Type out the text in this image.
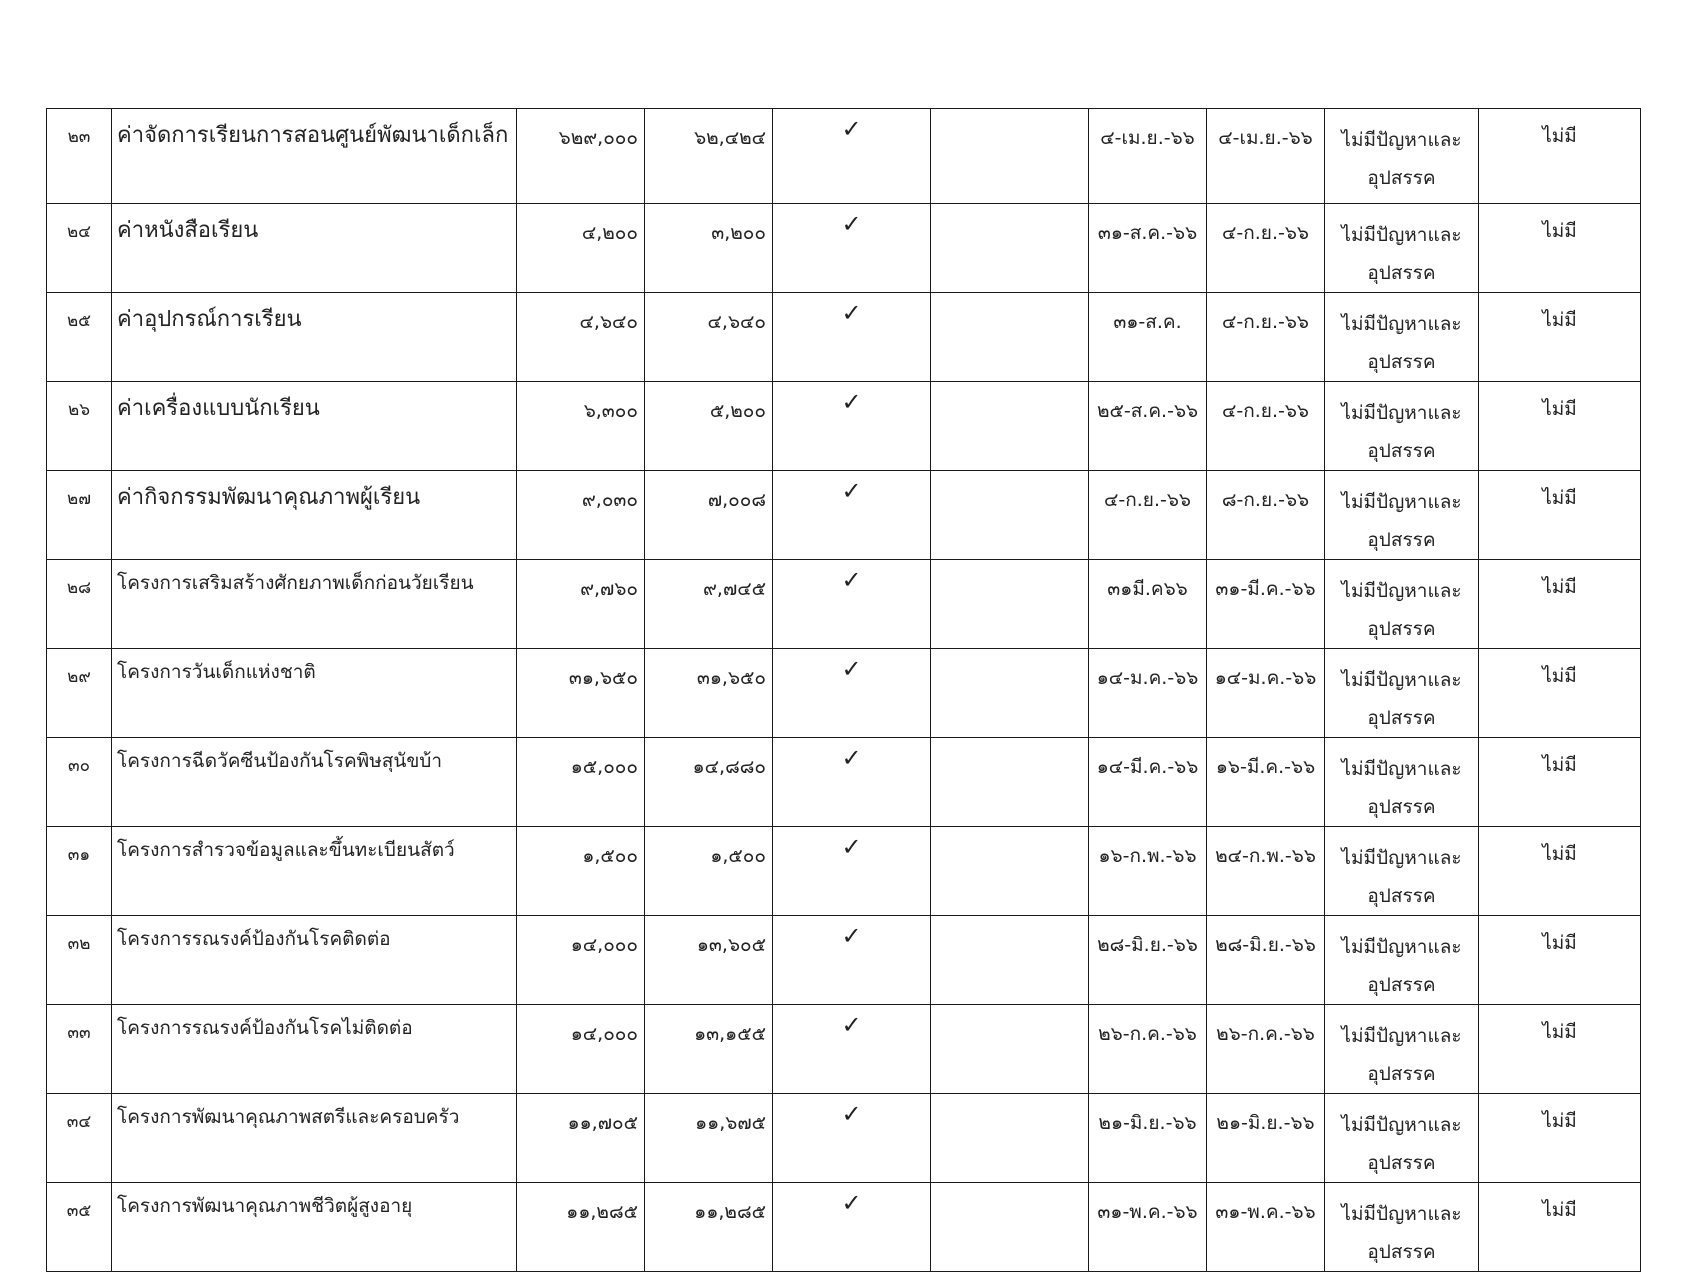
๒๓	ค่าจัดการเรียนการสอนศูนย์พัฒนาเด็กเล็ก	๖๒๙,๐๐๐	๖๒,๔๒๔	✓		๔-เม.ย.-๖๖	๔-เม.ย.-๖๖	ไม่มีปัญหาและ
อุปสรรค	ไม่มี
๒๔	ค่าหนังสือเรียน	๔,๒๐๐	๓,๒๐๐	✓		๓๑-ส.ค.-๖๖	๔-ก.ย.-๖๖	ไม่มีปัญหาและ
อุปสรรค	ไม่มี
๒๕	ค่าอุปกรณ์การเรียน	๔,๖๔๐	๔,๖๔๐	✓		๓๑-ส.ค.	๔-ก.ย.-๖๖	ไม่มีปัญหาและ
อุปสรรค	ไม่มี
๒๖	ค่าเครื่องแบบนักเรียน	๖,๓๐๐	๕,๒๐๐	✓		๒๕-ส.ค.-๖๖	๔-ก.ย.-๖๖	ไม่มีปัญหาและ
อุปสรรค	ไม่มี
๒๗	ค่ากิจกรรมพัฒนาคุณภาพผู้เรียน	๙,๐๓๐	๗,๐๐๘	✓		๔-ก.ย.-๖๖	๘-ก.ย.-๖๖	ไม่มีปัญหาและ
อุปสรรค	ไม่มี
๒๘	โครงการเสริมสร้างศักยภาพเด็กก่อนวัยเรียน	๙,๗๖๐	๙,๗๔๕	✓		๓๑มี.ค๖๖	๓๑-มี.ค.-๖๖	ไม่มีปัญหาและ
อุปสรรค	ไม่มี
๒๙	โครงการวันเด็กแห่งชาติ	๓๑,๖๕๐	๓๑,๖๕๐	✓		๑๔-ม.ค.-๖๖	๑๔-ม.ค.-๖๖	ไม่มีปัญหาและ
อุปสรรค	ไม่มี
๓๐	โครงการฉีดวัคซีนป้องกันโรคพิษสุนัขบ้า	๑๕,๐๐๐	๑๔,๘๘๐	✓		๑๔-มี.ค.-๖๖	๑๖-มี.ค.-๖๖	ไม่มีปัญหาและ
อุปสรรค	ไม่มี
๓๑	โครงการสำรวจข้อมูลและขึ้นทะเบียนสัตว์	๑,๕๐๐	๑,๕๐๐	✓		๑๖-ก.พ.-๖๖	๒๔-ก.พ.-๖๖	ไม่มีปัญหาและ
อุปสรรค	ไม่มี
๓๒	โครงการรณรงค์ป้องกันโรคติดต่อ	๑๔,๐๐๐	๑๓,๖๐๕	✓		๒๘-มิ.ย.-๖๖	๒๘-มิ.ย.-๖๖	ไม่มีปัญหาและ
อุปสรรค	ไม่มี
๓๓	โครงการรณรงค์ป้องกันโรคไม่ติดต่อ	๑๔,๐๐๐	๑๓,๑๕๕	✓		๒๖-ก.ค.-๖๖	๒๖-ก.ค.-๖๖	ไม่มีปัญหาและ
อุปสรรค	ไม่มี
๓๔	โครงการพัฒนาคุณภาพสตรีและครอบครัว	๑๑,๗๐๕	๑๑,๖๗๕	✓		๒๑-มิ.ย.-๖๖	๒๑-มิ.ย.-๖๖	ไม่มีปัญหาและ
อุปสรรค	ไม่มี
๓๕	โครงการพัฒนาคุณภาพชีวิตผู้สูงอายุ	๑๑,๒๘๕	๑๑,๒๘๕	✓		๓๑-พ.ค.-๖๖	๓๑-พ.ค.-๖๖	ไม่มีปัญหาและ
อุปสรรค	ไม่มี
